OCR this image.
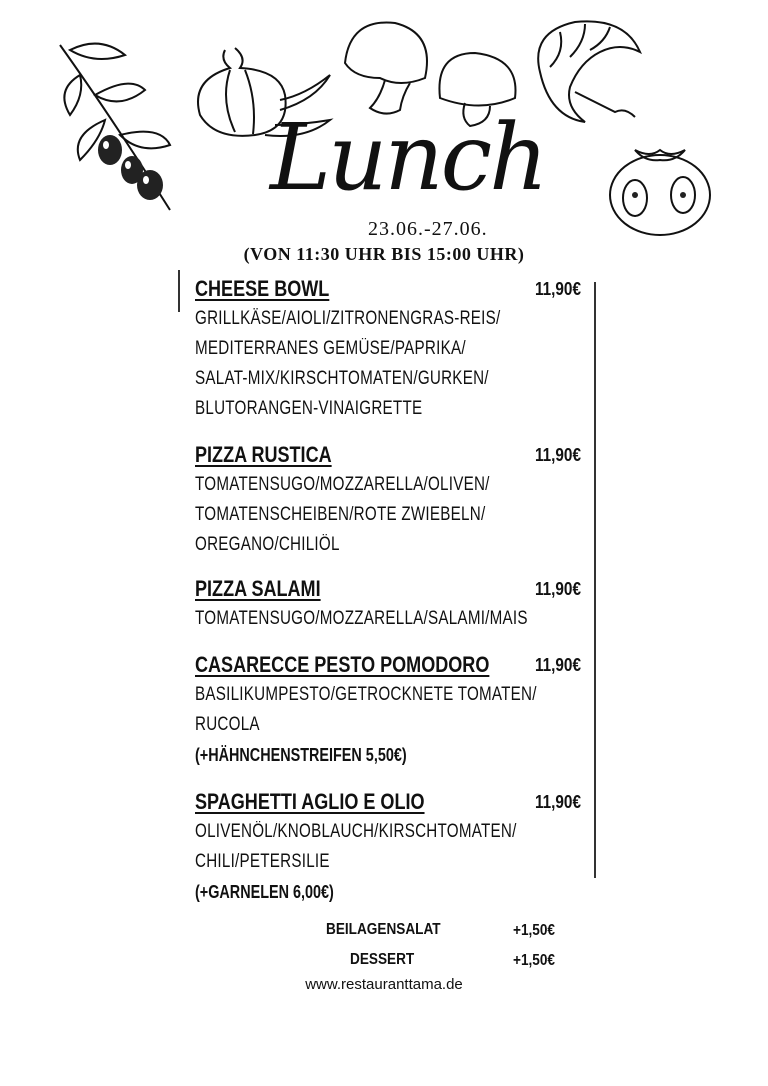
Lunch
23.06.-27.06.
(VON 11:30 UHR BIS 15:00 UHR)
CHEESE BOWL	11,90€
GRILLKÄSE/AIOLI/ZITRONENGRAS-REIS/
MEDITERRANES GEMÜSE/PAPRIKA/
SALAT-MIX/KIRSCHTOMATEN/GURKEN/
BLUTORANGEN-VINAIGRETTE
PIZZA RUSTICA	11,90€
TOMATENSUGO/MOZZARELLA/OLIVEN/
TOMATENSCHEIBEN/ROTE ZWIEBELN/
OREGANO/CHILIÖL
PIZZA SALAMI	11,90€
TOMATENSUGO/MOZZARELLA/SALAMI/MAIS
CASARECCE PESTO POMODORO	11,90€
BASILIKUMPESTO/GETROCKNETE TOMATEN/
RUCOLA
(+HÄHNCHENSTREIFEN 5,50€)
SPAGHETTI AGLIO E OLIO	11,90€
OLIVENÖL/KNOBLAUCH/KIRSCHTOMATEN/
CHILI/PETERSILIE
(+GARNELEN 6,00€)
BEILAGENSALAT	+1,50€
DESSERT	+1,50€
www.restauranttama.de
